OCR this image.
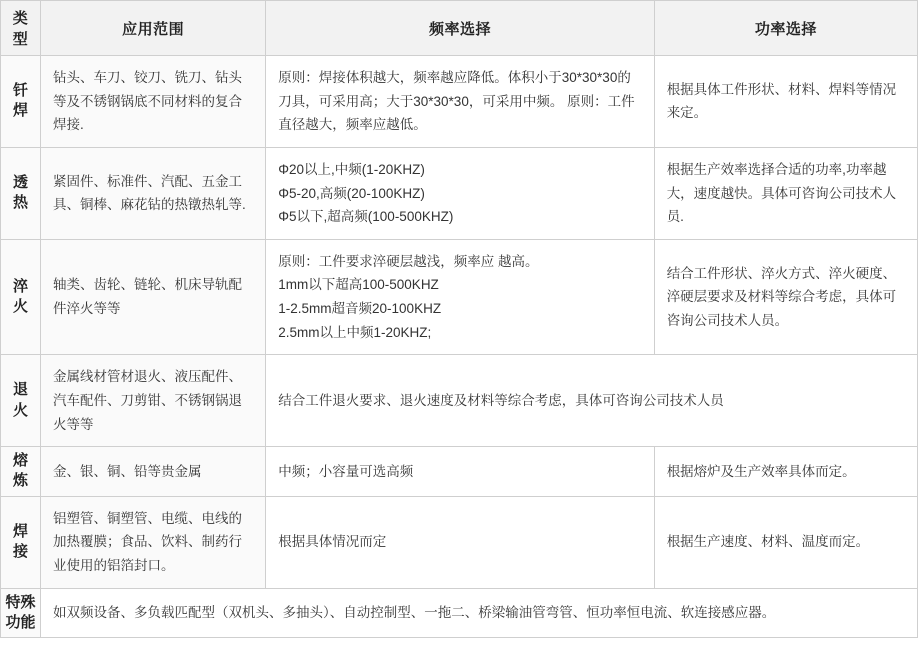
类
型	应用范围	频率选择	功率选择

钎
焊	钻头、车刀、铰刀、铣刀、钻头等及不锈钢锅底不同材料的复合焊接.	原则：焊接体积越大，频率越应降低。体积小于30*30*30的刀具，可采用高；大于30*30*30，可采用中频。 原则：工件直径越大，频率应越低。	根据具体工件形状、材料、焊料等情况来定。

透
热	紧固件、标准件、汽配、五金工具、铜棒、麻花钻的热镦热轧等.	Φ20以上,中频(1-20KHZ)
Φ5-20,高频(20-100KHZ)
Φ5以下,超高频(100-500KHZ)	根据生产效率选择合适的功率,功率越大，速度越快。具体可咨询公司技术人员.

淬
火	轴类、齿轮、链轮、机床导轨配件淬火等等	原则：工件要求淬硬层越浅，频率应 越高。
1mm以下超高100-500KHZ
1-2.5mm超音频20-100KHZ
2.5mm以上中频1-20KHZ;	结合工件形状、淬火方式、淬火硬度、淬硬层要求及材料等综合考虑，具体可咨询公司技术人员。

退
火	金属线材管材退火、液压配件、汽车配件、刀剪钳、不锈钢锅退火等等	结合工件退火要求、退火速度及材料等综合考虑，具体可咨询公司技术人员	

熔
炼	金、银、铜、铅等贵金属	中频；小容量可选高频	根据熔炉及生产效率具体而定。

焊
接	铝塑管、铜塑管、电缆、电线的加热覆膜；食品、饮料、制药行业使用的铝箔封口。	根据具体情况而定	根据生产速度、材料、温度而定。

特殊
功能	如双频设备、多负载匹配型（双机头、多抽头）、自动控制型、一拖二、桥梁输油管弯管、恒功率恒电流、软连接感应器。		
